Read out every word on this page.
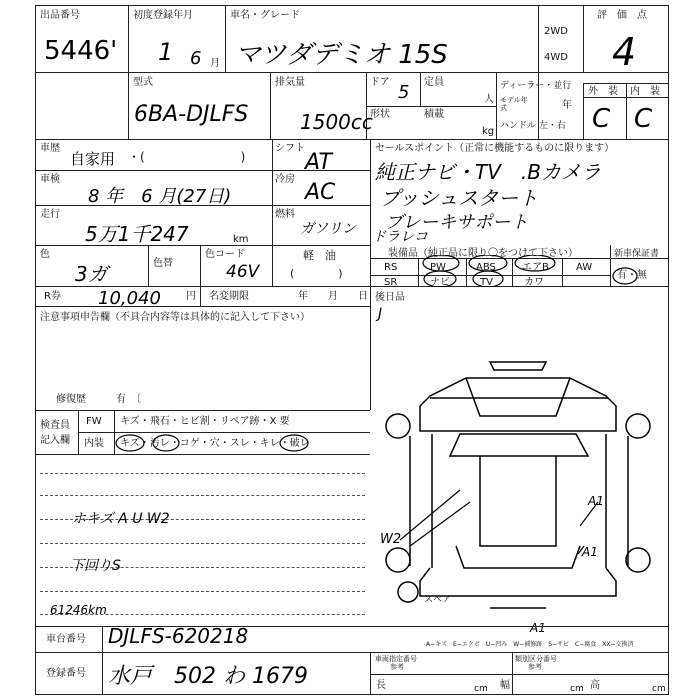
出品番号
5446'
初度登録年月
1 6 月
車名・グレード
マツダデミオ 15S
2WD
4WD
評　価　点
4
型式
6BA-DJLFS
排気量
1500cc
ドア 5 定員
人
形状	積載
kg
ディーラー・並行
モデル年式	年
ハンドル 左・右
外　装 内　装
C C
車歴
自家用 ・(　　　　　　　　)
シフト
AT
車検
8 年　6 月(27日)
冷房
AC
走行
5万1千247	km
燃料
ガソリン
軽　油
(　　　　)
色
3ガ	色替
色コード
46V
セールスポイント（正常に機能するものに限ります）
純正ナビ・TV　.Bカメラ
プッシュスタート
ブレーキサポート
ドラレコ
装備品（純正品に限り〇をつけて下さい）
RS	PW	ABS	エアB	AW
SR	ナビ	TV	カワ
新車保証書
有・無
R券 10,040	円 名変期限	年　　月　　日 後日品
J
注意事項申告欄（不具合内容等は具体的に記入して下さい）
修復歴	有　〔
検査員
記入欄
FW キズ・飛石・ヒビ割・リペア跡・X 要
内装 キズ・汚レ・コゲ・穴・スレ・キレ・破レ
ホキズ A U W2
下回りS
61246km
スペア
W2
A1
A1
A1
A−キズ　E−エクボ　U−凹み　W−補修跡　S−サビ　C−腐食　XX−交換済
車台番号 DJLFS-620218
登録番号 水戸　502 わ 1679
車両指定番号
参考
類別区分番号
参考
長	cm 幅	cm 高	cm
